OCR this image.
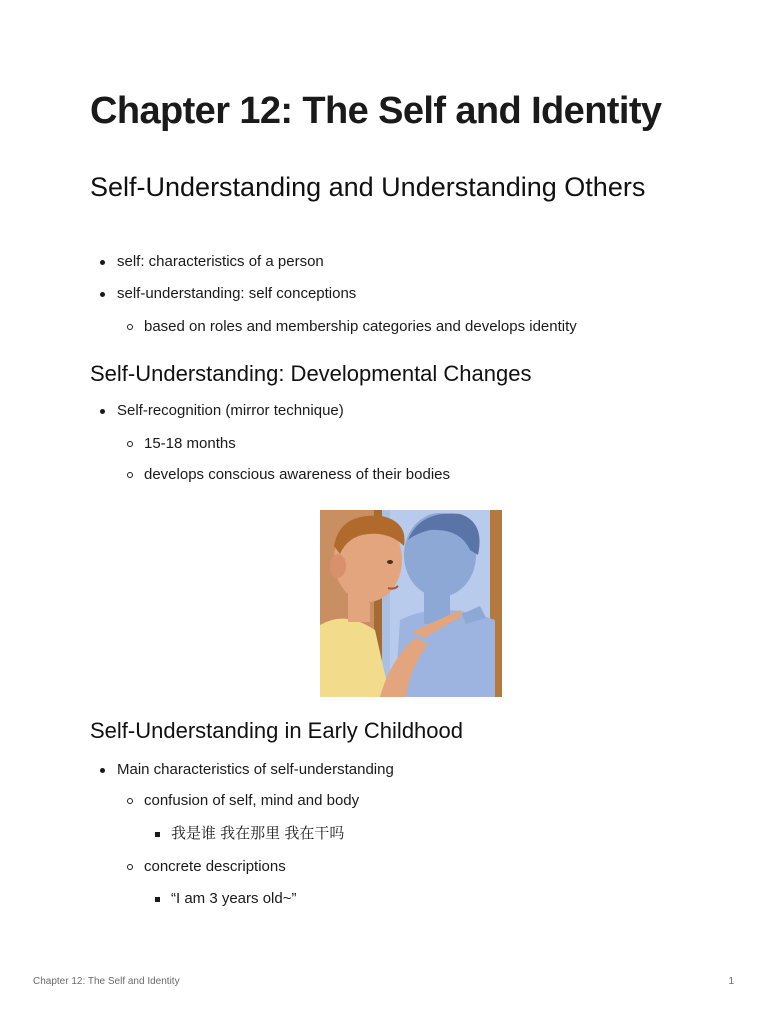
Chapter 12: The Self and Identity
Self-Understanding and Understanding Others
self: characteristics of a person
self-understanding: self conceptions
based on roles and membership categories and develops identity
Self-Understanding: Developmental Changes
Self-recognition (mirror technique)
15-18 months
develops conscious awareness of their bodies
Self-Understanding in Early Childhood
Main characteristics of self-understanding
confusion of self, mind and body
我是谁 我在那里 我在干吗
concrete descriptions
“I am 3 years old~”
Chapter 12: The Self and Identity	1
